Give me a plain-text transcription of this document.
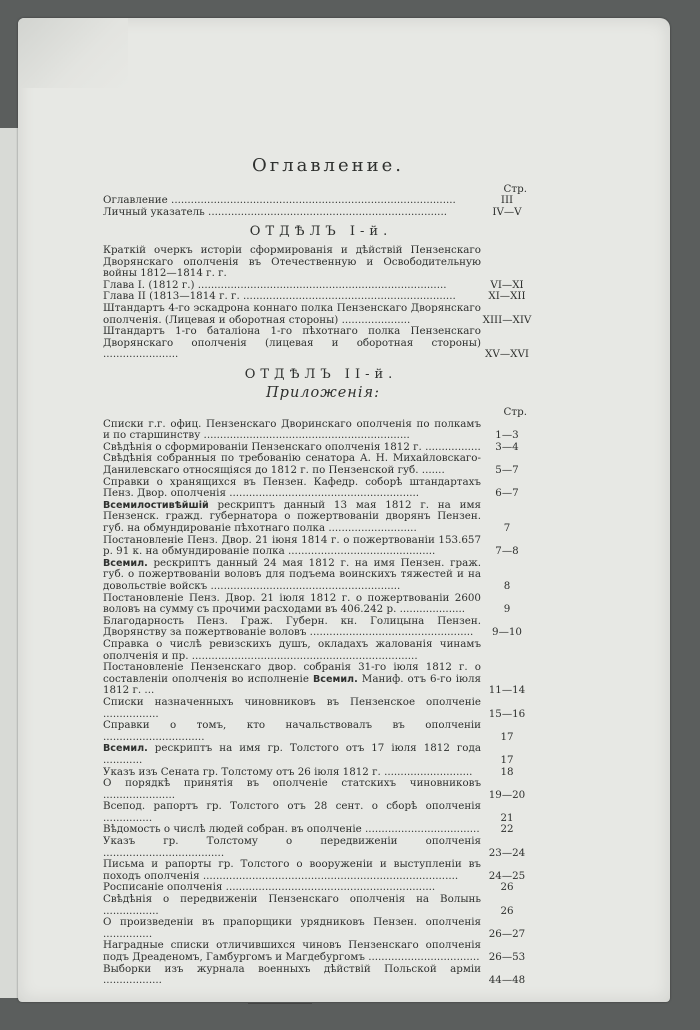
Оглавление.
Стр.
Оглавление .......................................................................................	III
Личный указатель .........................................................................	IV—V
ОТДѢЛЪ I-й.
Краткій очеркъ исторіи сформированія и дѣйствій Пензенскаго Дворянскаго ополченія въ Отечественную и Освободительную войны 1812—1814 г. г.
Глава I. (1812 г.) ............................................................................	VI—XI
Глава II (1813—1814 г. г. .................................................................	XI—XII
Штандартъ 4-го эскадрона коннаго полка Пензенскаго Дворянскаго ополченія. (Лицевая и оборотная стороны) .....................	XIII—XIV
Штандартъ 1-го баталіона 1-го пѣхотнаго полка Пензенскаго Дворянскаго ополченія (лицевая и оборотная стороны) .......................	XV—XVI
ОТДѢЛЪ II-й.
Приложенія:
Стр.
Списки г.г. офиц. Пензенскаго Дворинскаго ополченія по полкамъ и по старшинству ...............................................................	1—3
Свѣдѣнія о сформированіи Пензенскаго ополченія 1812 г. .................	3—4
Свѣдѣнія собранныя по требованію сенатора А. Н. Михайловскаго-Данилевскаго относящіяся до 1812 г. по Пензенской губ. .......	5—7
Справки о хранящихся въ Пензен. Кафедр. соборѣ штандартахъ Пенз. Двор. ополченія ..........................................................	6—7
Всемилостивѣйшій рескриптъ данный 13 мая 1812 г. на имя Пензенск. гражд. губернатора о пожертвованіи дворянъ Пензен. губ. на обмундированіе пѣхотнаго полка ...........................	7
Постановленіе Пенз. Двор. 21 іюня 1814 г. о пожертвованіи 153.657 р. 91 к. на обмундированіе полка .............................................	7—8
Всемил. рескриптъ данный 24 мая 1812 г. на имя Пензен. граж. губ. о пожертвованіи воловъ для подъема воинскихъ тяжестей и на довольствіе войскъ ..........................................................	8
Постановленіе Пенз. Двор. 21 іюля 1812 г. о пожертвованіи 2600 воловъ на сумму съ прочими расходами въ 406.242 р. ....................	9
Благодарность Пенз. Граж. Губерн. кн. Голицына Пензен. Дворянству за пожертвованіе воловъ ..................................................	9—10
Справка о числѣ ревизскихъ душъ, окладахъ жалованія чинамъ ополченія и пр. .....................................................................
Постановленіе Пензенскаго двор. собранія 31-го іюля 1812 г. о составленіи ополченія во исполненіе Всемил. Маниф. отъ 6-го іюля 1812 г. ...	11—14
Списки назначенныхъ чиновниковъ въ Пензенское ополченіе .................	15—16
Справки о томъ, кто начальствовалъ въ ополченіи ...............................	17
Всемил. рескриптъ на имя гр. Толстого отъ 17 іюля 1812 года ............	17
Указъ изъ Сената гр. Толстому отъ 26 іюля 1812 г. ...........................	18
О порядкѣ принятія въ ополченіе статскихъ чиновниковъ ......................	19—20
Всепод. рапортъ гр. Толстого отъ 28 сент. о сборѣ ополченія ...............	21
Вѣдомость о числѣ людей собран. въ ополченіе ...................................	22
Указъ гр. Толстому о передвиженіи ополченія .....................................	23—24
Письма и рапорты гр. Толстого о вооруженіи и выступленіи въ походъ ополченія ..............................................................................	24—25
Росписаніе ополченія ................................................................	26
Свѣдѣнія о передвиженіи Пензенскаго ополченія на Волынь .................	26
О произведеніи въ прапорщики урядниковъ Пензен. ополченія ...............	26—27
Наградные списки отличившихся чиновъ Пензенскаго ополченія подъ Дреаденомъ, Гамбургомъ и Магдебургомъ .................................. 26—53
Выборки изъ журнала военныхъ дѣйствій Польской арміи ..................	44—48
